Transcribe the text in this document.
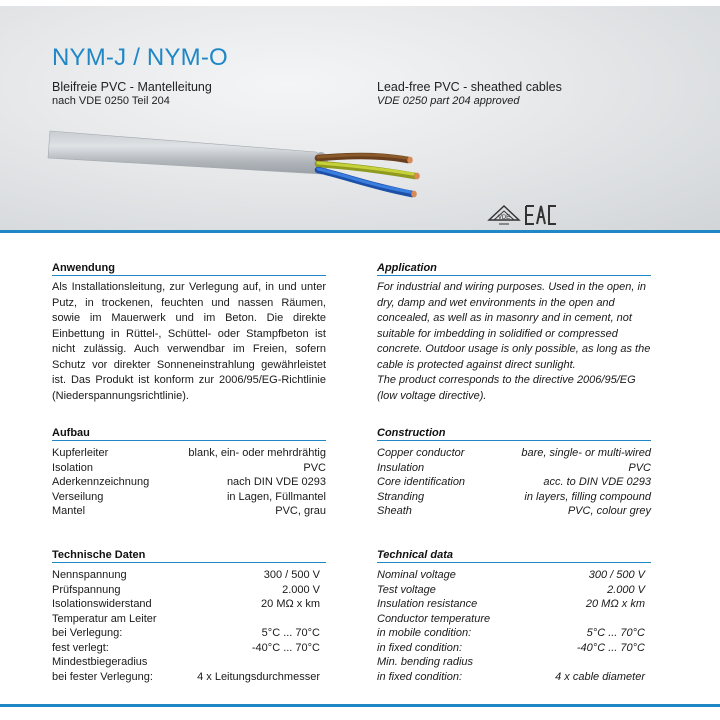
NYM-J / NYM-O
Bleifreie PVC - Mantelleitung
nach VDE 0250 Teil 204
Lead-free PVC - sheathed cables
VDE 0250 part 204 approved
VDE
Anwendung
Als Installationsleitung, zur Verlegung auf, in und unter Putz, in trockenen, feuchten und nassen Räumen, sowie im Mauerwerk und im Beton. Die direkte Einbettung in Rüttel-, Schüttel- oder Stampfbeton ist nicht zulässig. Auch verwendbar im Freien, sofern Schutz vor direkter Sonneneinstrahlung gewährleistet ist. Das Produkt ist konform zur 2006/95/EG-Richtlinie (Niederspannungsrichtlinie).
Application
For industrial and wiring purposes. Used in the open, in dry, damp and wet environments in the open and concealed, as well as in masonry and in cement, not suitable for imbedding in solidified or compressed concrete. Outdoor usage is only possible, as long as the cable is protected against direct sunlight.
The product corresponds to the directive 2006/95/EG (low voltage directive).
Aufbau
Kupferleiter	blank, ein- oder mehrdrähtig
Isolation	PVC
Aderkennzeichnung	nach DIN VDE 0293
Verseilung	in Lagen, Füllmantel
Mantel	PVC, grau
Construction
Copper conductor	bare, single- or multi-wired
Insulation	PVC
Core identification	acc. to DIN VDE 0293
Stranding	in layers, filling compound
Sheath	PVC, colour grey
Technische Daten
Nennspannung	300 / 500 V
Prüfspannung	2.000 V
Isolationswiderstand	20 MΩ x km
Temperatur am Leiter
bei Verlegung:	5°C ... 70°C
fest verlegt:	-40°C ... 70°C
Mindestbiegeradius
bei fester Verlegung:	4 x Leitungsdurchmesser
Technical data
Nominal voltage	300 / 500 V
Test voltage	2.000 V
Insulation resistance	20 MΩ x km
Conductor temperature
in mobile condition:	5°C ... 70°C
in fixed condition:	-40°C ... 70°C
Min. bending radius
in fixed condition:	4 x cable diameter
